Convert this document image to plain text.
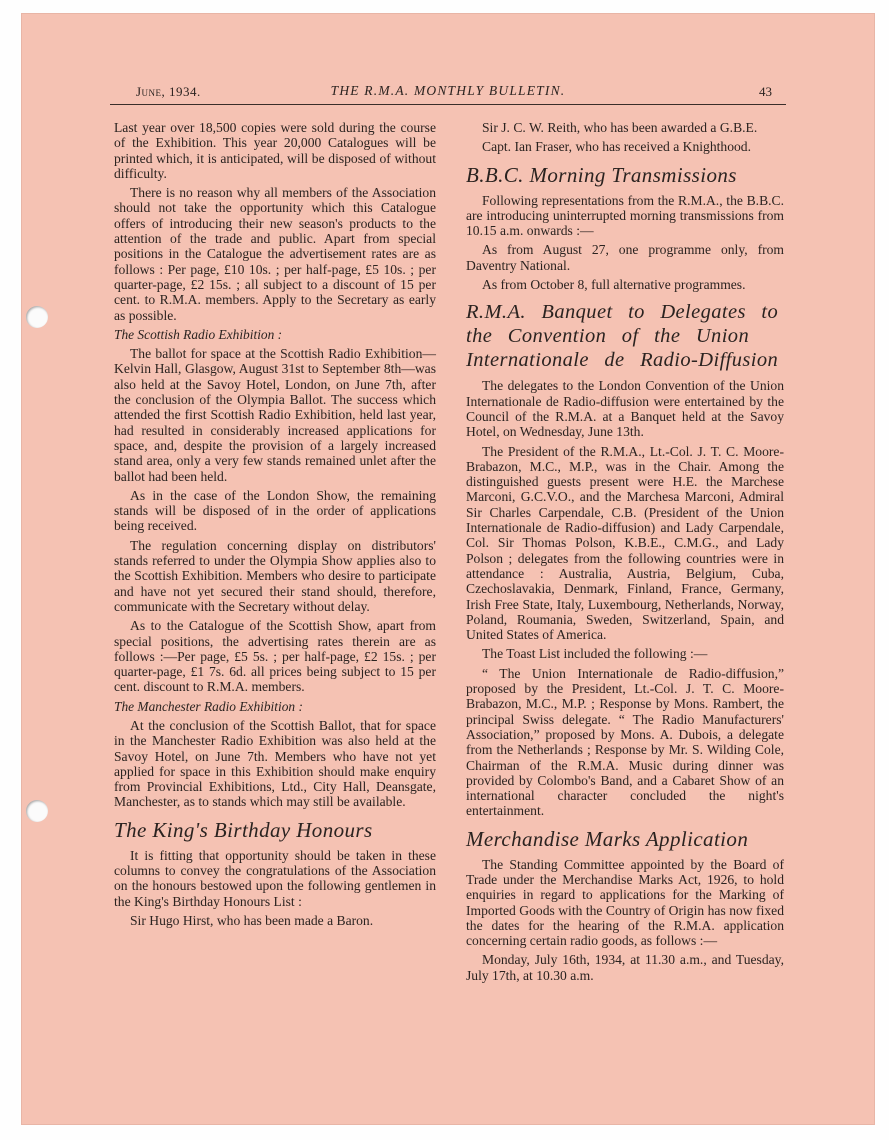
June, 1934.	THE R.M.A. MONTHLY BULLETIN.	43

Last year over 18,500 copies were sold during the course of the Exhibition. This year 20,000 Catalogues will be printed which, it is anticipated, will be disposed of without difficulty.

There is no reason why all members of the Association should not take the opportunity which this Catalogue offers of introducing their new season's products to the attention of the trade and public. Apart from special positions in the Catalogue the advertisement rates are as follows : Per page, £10 10s. ; per half-page, £5 10s. ; per quarter-page, £2 15s. ; all subject to a discount of 15 per cent. to R.M.A. members. Apply to the Secretary as early as possible.

The Scottish Radio Exhibition :

The ballot for space at the Scottish Radio Exhibition—Kelvin Hall, Glasgow, August 31st to September 8th—was also held at the Savoy Hotel, London, on June 7th, after the conclusion of the Olympia Ballot. The success which attended the first Scottish Radio Exhibition, held last year, had resulted in considerably increased applications for space, and, despite the provision of a largely increased stand area, only a very few stands remained unlet after the ballot had been held.

As in the case of the London Show, the remaining stands will be disposed of in the order of applications being received.

The regulation concerning display on distributors' stands referred to under the Olympia Show applies also to the Scottish Exhibition. Members who desire to participate and have not yet secured their stand should, therefore, communicate with the Secretary without delay.

As to the Catalogue of the Scottish Show, apart from special positions, the advertising rates therein are as follows :—Per page, £5 5s. ; per half-page, £2 15s. ; per quarter-page, £1 7s. 6d. all prices being subject to 15 per cent. discount to R.M.A. members.

The Manchester Radio Exhibition :

At the conclusion of the Scottish Ballot, that for space in the Manchester Radio Exhibition was also held at the Savoy Hotel, on June 7th. Members who have not yet applied for space in this Exhibition should make enquiry from Provincial Exhibitions, Ltd., City Hall, Deansgate, Manchester, as to stands which may still be available.

The King's Birthday Honours

It is fitting that opportunity should be taken in these columns to convey the congratulations of the Association on the honours bestowed upon the following gentlemen in the King's Birthday Honours List :

Sir Hugo Hirst, who has been made a Baron.

Sir J. C. W. Reith, who has been awarded a G.B.E.

Capt. Ian Fraser, who has received a Knighthood.

B.B.C. Morning Transmissions

Following representations from the R.M.A., the B.B.C. are introducing uninterrupted morning transmissions from 10.15 a.m. onwards :—

As from August 27, one programme only, from Daventry National.

As from October 8, full alternative programmes.

R.M.A. Banquet to Delegates to the Convention of the Union Internationale de Radio-Diffusion

The delegates to the London Convention of the Union Internationale de Radio-diffusion were entertained by the Council of the R.M.A. at a Banquet held at the Savoy Hotel, on Wednesday, June 13th.

The President of the R.M.A., Lt.-Col. J. T. C. Moore-Brabazon, M.C., M.P., was in the Chair. Among the distinguished guests present were H.E. the Marchese Marconi, G.C.V.O., and the Marchesa Marconi, Admiral Sir Charles Carpendale, C.B. (President of the Union Internationale de Radio-diffusion) and Lady Carpendale, Col. Sir Thomas Polson, K.B.E., C.M.G., and Lady Polson ; delegates from the following countries were in attendance : Australia, Austria, Belgium, Cuba, Czechoslavakia, Denmark, Finland, France, Germany, Irish Free State, Italy, Luxembourg, Netherlands, Norway, Poland, Roumania, Sweden, Switzerland, Spain, and United States of America.

The Toast List included the following :—

“ The Union Internationale de Radio-diffusion,” proposed by the President, Lt.-Col. J. T. C. Moore-Brabazon, M.C., M.P. ; Response by Mons. Rambert, the principal Swiss delegate. “ The Radio Manufacturers' Association,” proposed by Mons. A. Dubois, a delegate from the Netherlands ; Response by Mr. S. Wilding Cole, Chairman of the R.M.A. Music during dinner was provided by Colombo's Band, and a Cabaret Show of an international character concluded the night's entertainment.

Merchandise Marks Application

The Standing Committee appointed by the Board of Trade under the Merchandise Marks Act, 1926, to hold enquiries in regard to applications for the Marking of Imported Goods with the Country of Origin has now fixed the dates for the hearing of the R.M.A. application concerning certain radio goods, as follows :—

Monday, July 16th, 1934, at 11.30 a.m., and Tuesday, July 17th, at 10.30 a.m.
